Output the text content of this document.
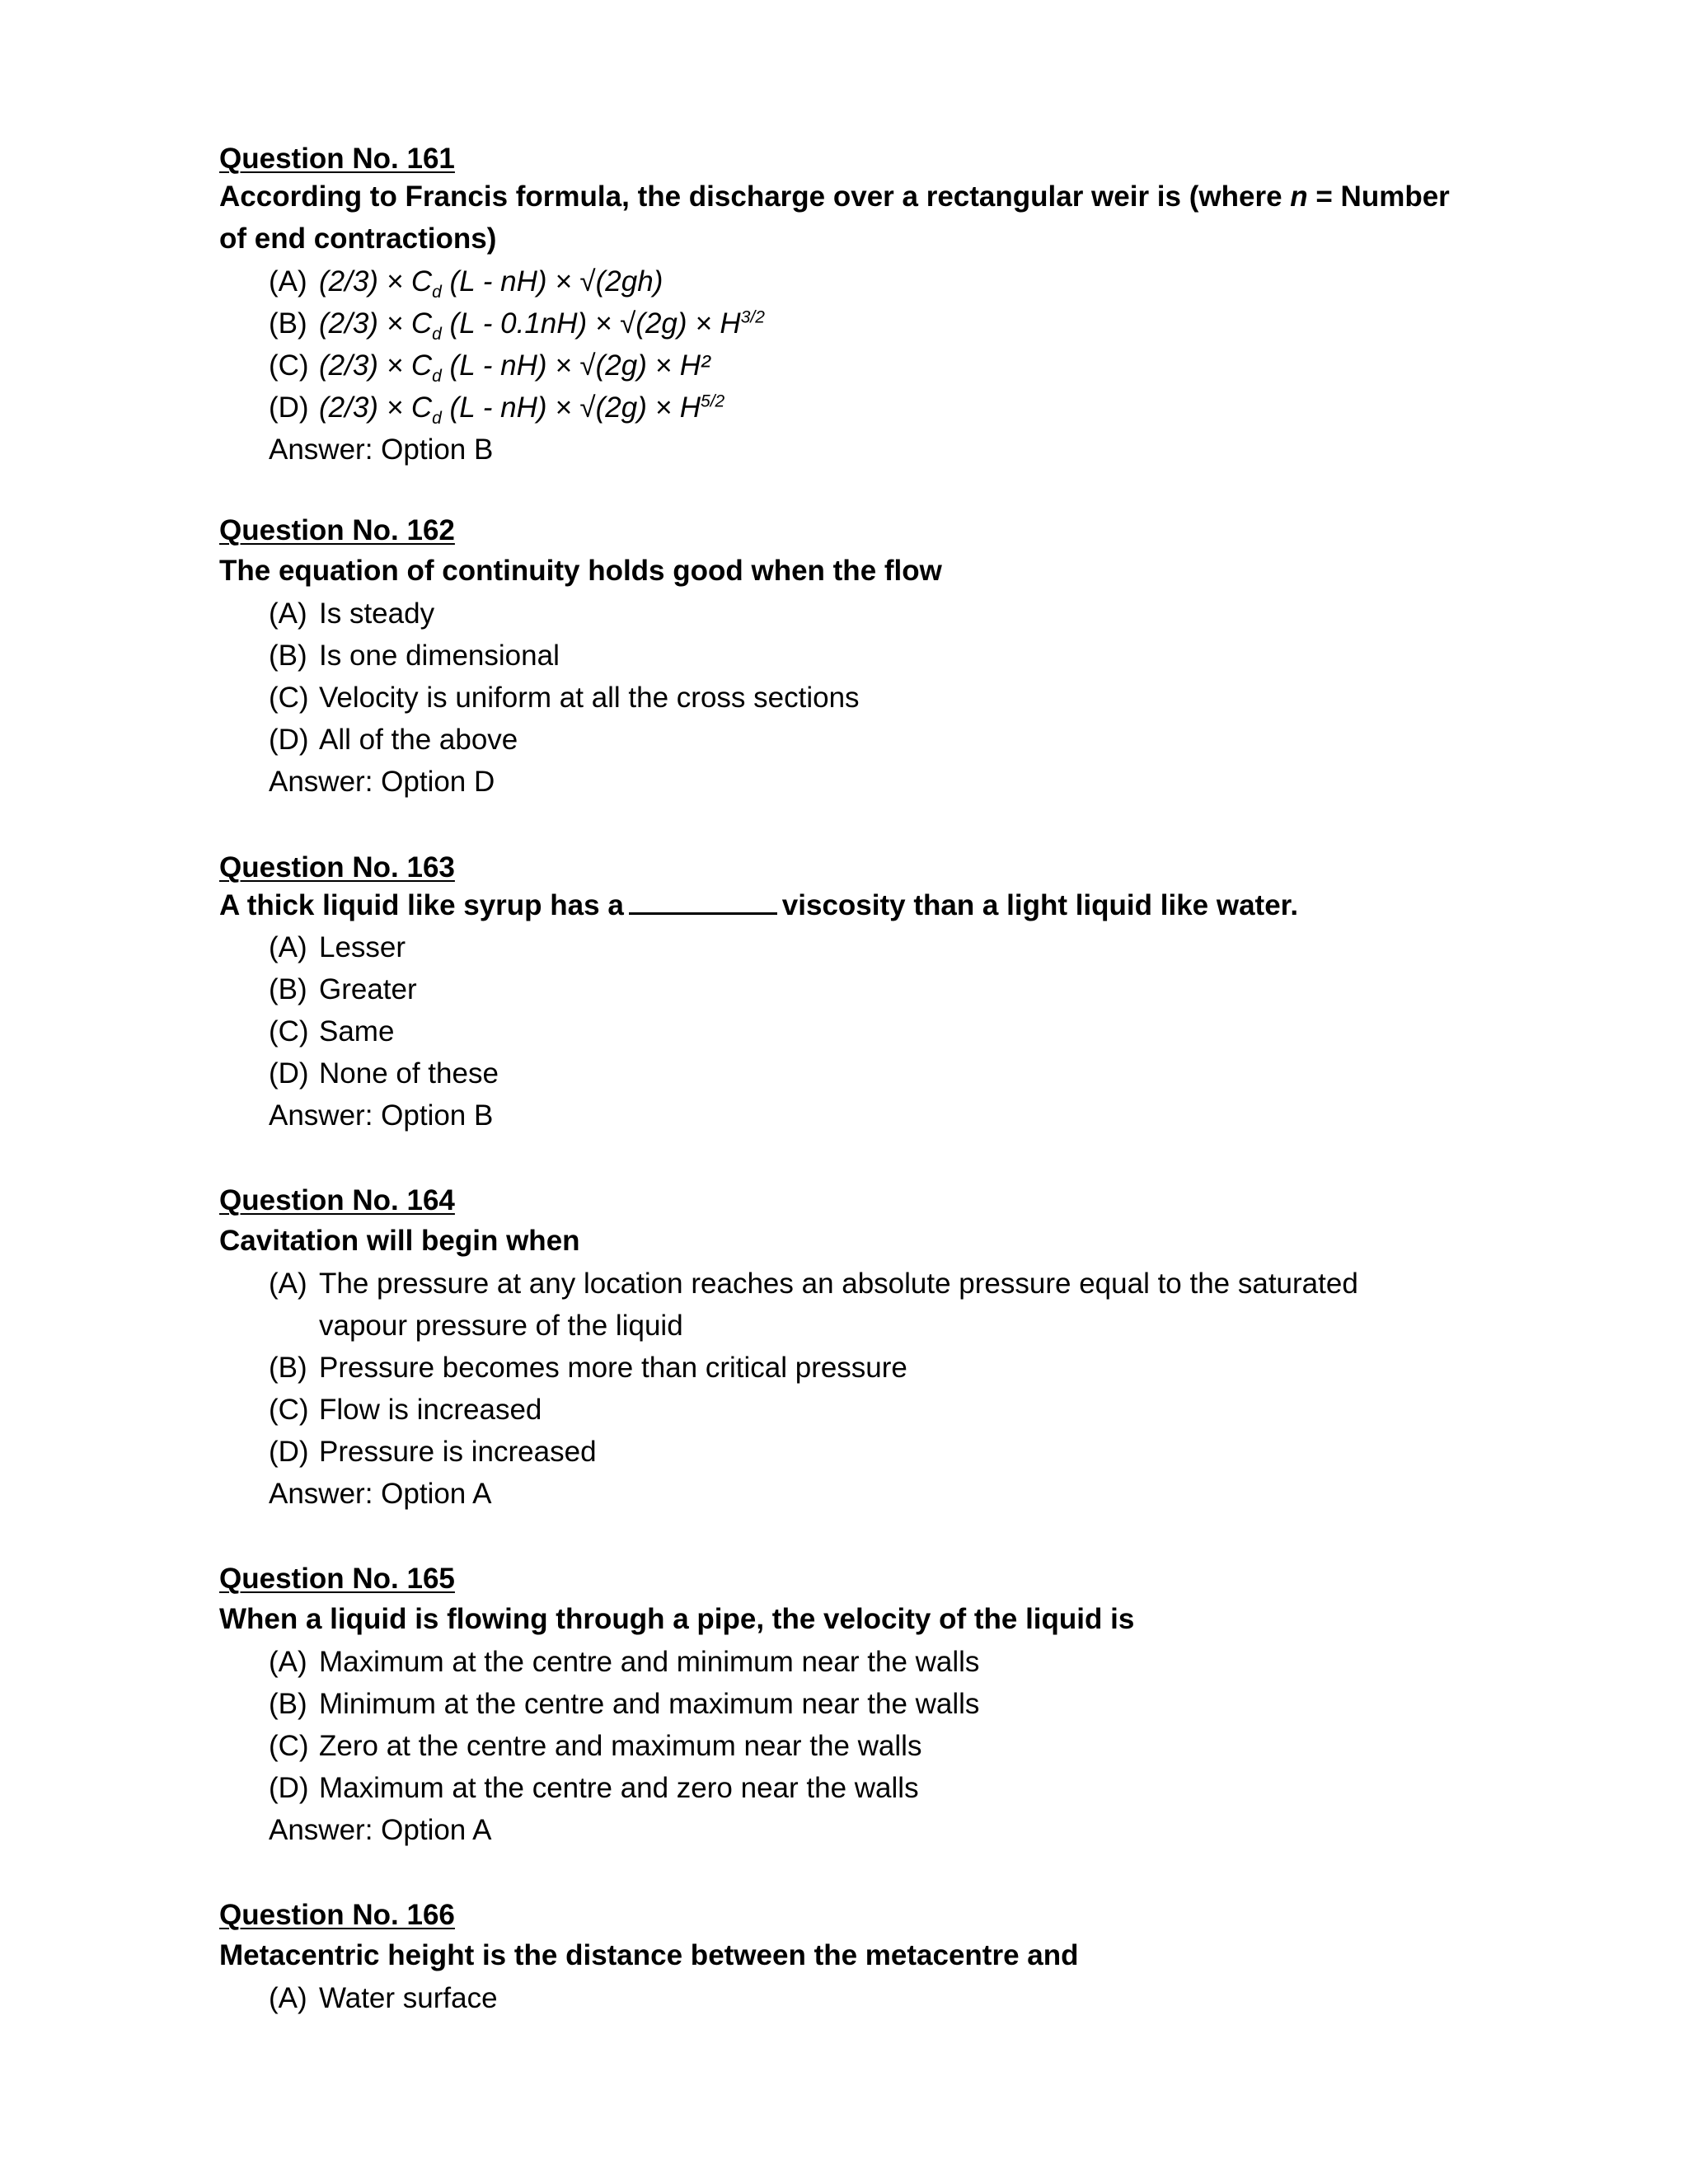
Question No. 161
According to Francis formula, the discharge over a rectangular weir is (where n = Number of end contractions)
(A) $(2/3) \times C_d$ (L - nH) × √(2gh)
(B) $(2/3) \times C_d$ $(L - 0.1nH) \times √(2g) \times H^{3/2}$
(C) $(2/3) \times C_d$ (L - nH) × √(2g) × H²
(D) $(2/3) \times C_d$ $(L - nH) \times √(2g) \times H^{5/2}$
Answer: Option B
Question No. 162
The equation of continuity holds good when the flow
(A) Is steady
(B) Is one dimensional
(C) Velocity is uniform at all the cross sections
(D) All of the above
Answer: Option D
Question No. 163
A thick liquid like syrup has a	viscosity than a light liquid like water.
(A) Lesser
(B) Greater
(C) Same
(D) None of these
Answer: Option B
Question No. 164
Cavitation will begin when
(A) The pressure at any location reaches an absolute pressure equal to the saturated vapour pressure of the liquid
(B) Pressure becomes more than critical pressure
(C) Flow is increased
(D) Pressure is increased
Answer: Option A
Question No. 165
When a liquid is flowing through a pipe, the velocity of the liquid is
(A) Maximum at the centre and minimum near the walls
(B) Minimum at the centre and maximum near the walls
(C) Zero at the centre and maximum near the walls
(D) Maximum at the centre and zero near the walls
Answer: Option A
Question No. 166
Metacentric height is the distance between the metacentre and
(A) Water surface
